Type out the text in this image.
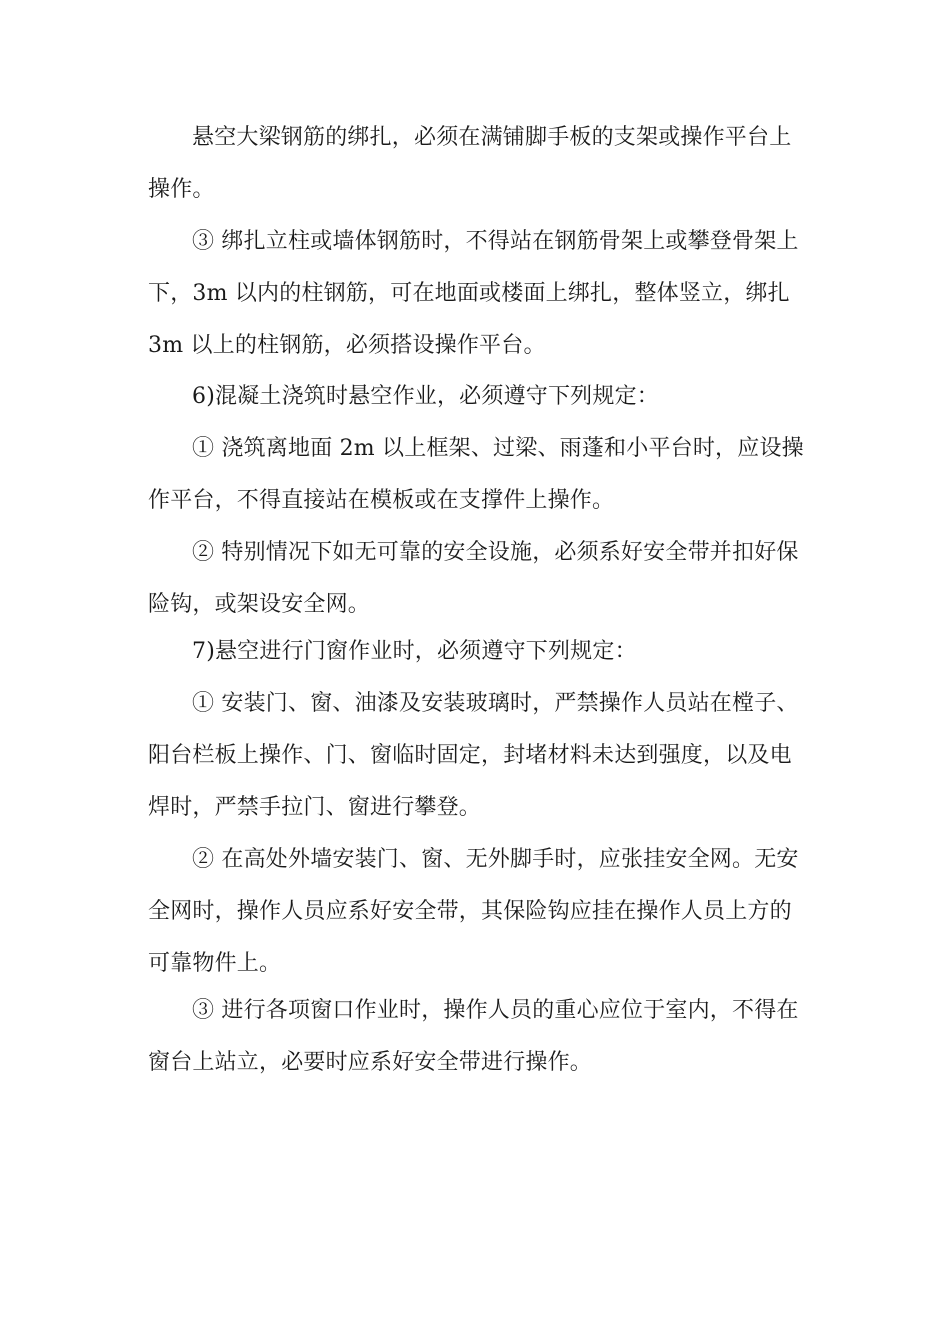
悬空大梁钢筋的绑扎，必须在满铺脚手板的支架或操作平台上
操作。
③ 绑扎立柱或墙体钢筋时，不得站在钢筋骨架上或攀登骨架上
下，3m 以内的柱钢筋，可在地面或楼面上绑扎，整体竖立，绑扎
3m 以上的柱钢筋，必须搭设操作平台。
6)混凝土浇筑时悬空作业，必须遵守下列规定：
① 浇筑离地面 2m 以上框架、过梁、雨蓬和小平台时，应设操
作平台，不得直接站在模板或在支撑件上操作。
② 特别情况下如无可靠的安全设施，必须系好安全带并扣好保
险钩，或架设安全网。
7)悬空进行门窗作业时，必须遵守下列规定：
① 安装门、窗、油漆及安装玻璃时，严禁操作人员站在樘子、
阳台栏板上操作、门、窗临时固定，封堵材料未达到强度，以及电
焊时，严禁手拉门、窗进行攀登。
② 在高处外墙安装门、窗、无外脚手时，应张挂安全网。无安
全网时，操作人员应系好安全带，其保险钩应挂在操作人员上方的
可靠物件上。
③ 进行各项窗口作业时，操作人员的重心应位于室内，不得在
窗台上站立，必要时应系好安全带进行操作。
